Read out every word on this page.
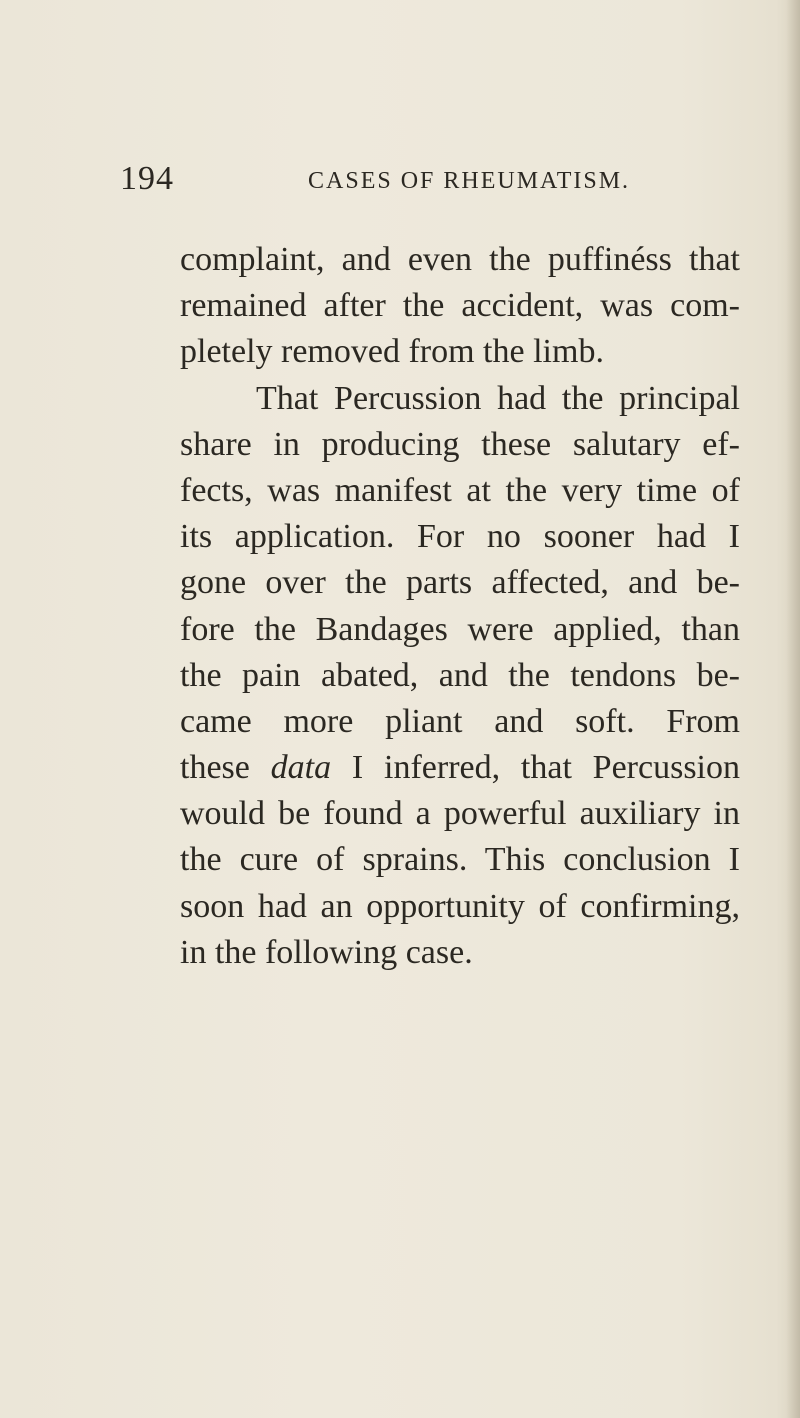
194	CASES OF RHEUMATISM.
complaint, and even the puffinéss that
remained after the accident, was com-
pletely removed from the limb.
That Percussion had the principal
share in producing these salutary ef-
fects, was manifest at the very time of
its application. For no sooner had I
gone over the parts affected, and be-
fore the Bandages were applied, than
the pain abated, and the tendons be-
came more pliant and soft. From
these data I inferred, that Percussion
would be found a powerful auxiliary in
the cure of sprains. This conclusion I
soon had an opportunity of confirming,
in the following case.
